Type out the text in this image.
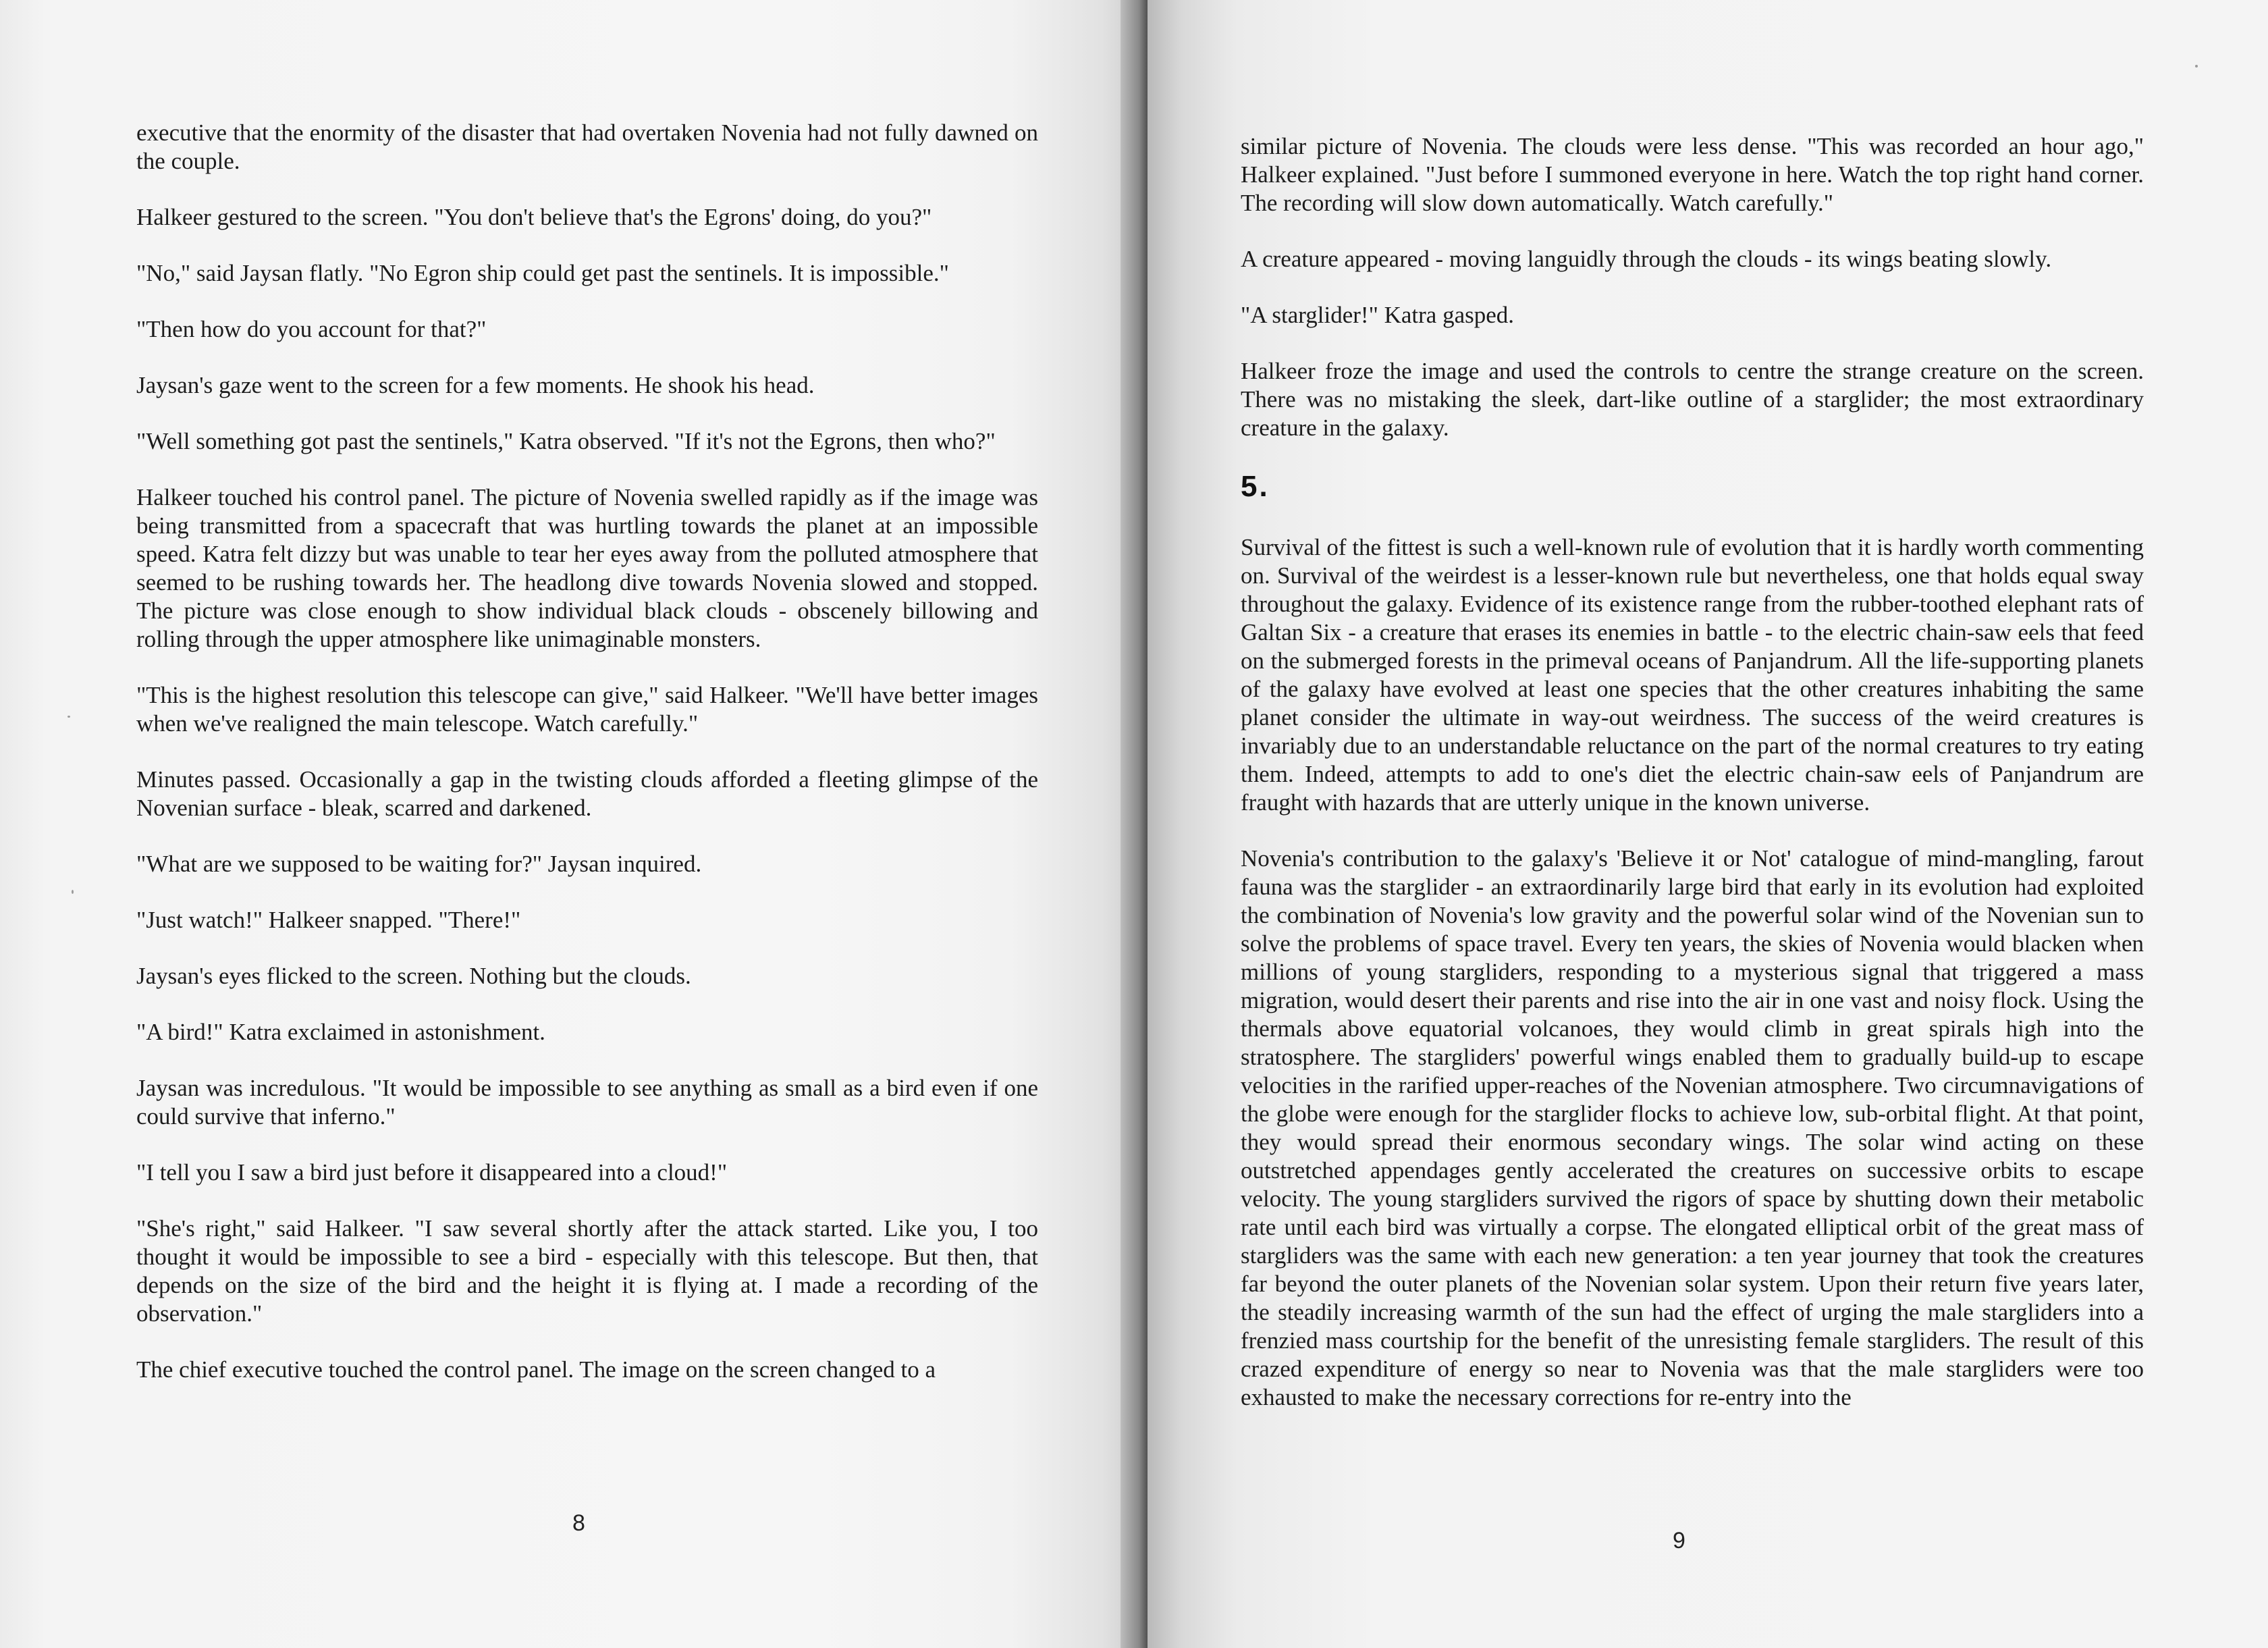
executive that the enormity of the disaster that had overtaken Novenia had not fully dawned on the couple.

Halkeer gestured to the screen. "You don't believe that's the Egrons' doing, do you?"

"No," said Jaysan flatly. "No Egron ship could get past the sentinels. It is impossible."

"Then how do you account for that?"

Jaysan's gaze went to the screen for a few moments. He shook his head.

"Well something got past the sentinels," Katra observed. "If it's not the Egrons, then who?"

Halkeer touched his control panel. The picture of Novenia swelled rapidly as if the image was being transmitted from a spacecraft that was hurtling towards the planet at an impossible speed. Katra felt dizzy but was unable to tear her eyes away from the polluted atmosphere that seemed to be rushing towards her. The headlong dive towards Novenia slowed and stopped. The picture was close enough to show individual black clouds - obscenely billowing and rolling through the upper atmosphere like unimaginable monsters.

"This is the highest resolution this telescope can give," said Halkeer. "We'll have better images when we've realigned the main telescope. Watch carefully."

Minutes passed. Occasionally a gap in the twisting clouds afforded a fleeting glimpse of the Novenian surface - bleak, scarred and darkened.

"What are we supposed to be waiting for?" Jaysan inquired.

"Just watch!" Halkeer snapped. "There!"

Jaysan's eyes flicked to the screen. Nothing but the clouds.

"A bird!" Katra exclaimed in astonishment.

Jaysan was incredulous. "It would be impossible to see anything as small as a bird even if one could survive that inferno."

"I tell you I saw a bird just before it disappeared into a cloud!"

"She's right," said Halkeer. "I saw several shortly after the attack started. Like you, I too thought it would be impossible to see a bird - especially with this telescope. But then, that depends on the size of the bird and the height it is flying at. I made a recording of the observation."

The chief executive touched the control panel. The image on the screen changed to a

8

similar picture of Novenia. The clouds were less dense. "This was recorded an hour ago," Halkeer explained. "Just before I summoned everyone in here. Watch the top right hand corner. The recording will slow down automatically. Watch carefully."

A creature appeared - moving languidly through the clouds - its wings beating slowly.

"A starglider!" Katra gasped.

Halkeer froze the image and used the controls to centre the strange creature on the screen. There was no mistaking the sleek, dart-like outline of a starglider; the most extraordinary creature in the galaxy.

5.

Survival of the fittest is such a well-known rule of evolution that it is hardly worth commenting on. Survival of the weirdest is a lesser-known rule but nevertheless, one that holds equal sway throughout the galaxy. Evidence of its existence range from the rubber-toothed elephant rats of Galtan Six - a creature that erases its enemies in battle - to the electric chain-saw eels that feed on the submerged forests in the primeval oceans of Panjandrum. All the life-supporting planets of the galaxy have evolved at least one species that the other creatures inhabiting the same planet consider the ultimate in way-out weirdness. The success of the weird creatures is invariably due to an understandable reluctance on the part of the normal creatures to try eating them. Indeed, attempts to add to one's diet the electric chain-saw eels of Panjandrum are fraught with hazards that are utterly unique in the known universe.

Novenia's contribution to the galaxy's 'Believe it or Not' catalogue of mind-mangling, farout fauna was the starglider - an extraordinarily large bird that early in its evolution had exploited the combination of Novenia's low gravity and the powerful solar wind of the Novenian sun to solve the problems of space travel. Every ten years, the skies of Novenia would blacken when millions of young stargliders, responding to a mysterious signal that triggered a mass migration, would desert their parents and rise into the air in one vast and noisy flock. Using the thermals above equatorial volcanoes, they would climb in great spirals high into the stratosphere. The stargliders' powerful wings enabled them to gradually build-up to escape velocities in the rarified upper-reaches of the Novenian atmosphere. Two circumnavigations of the globe were enough for the starglider flocks to achieve low, sub-orbital flight. At that point, they would spread their enormous secondary wings. The solar wind acting on these outstretched appendages gently accelerated the creatures on successive orbits to escape velocity. The young stargliders survived the rigors of space by shutting down their metabolic rate until each bird was virtually a corpse. The elongated elliptical orbit of the great mass of stargliders was the same with each new generation: a ten year journey that took the creatures far beyond the outer planets of the Novenian solar system. Upon their return five years later, the steadily increasing warmth of the sun had the effect of urging the male stargliders into a frenzied mass courtship for the benefit of the unresisting female stargliders. The result of this crazed expenditure of energy so near to Novenia was that the male stargliders were too exhausted to make the necessary corrections for re-entry into the

9
